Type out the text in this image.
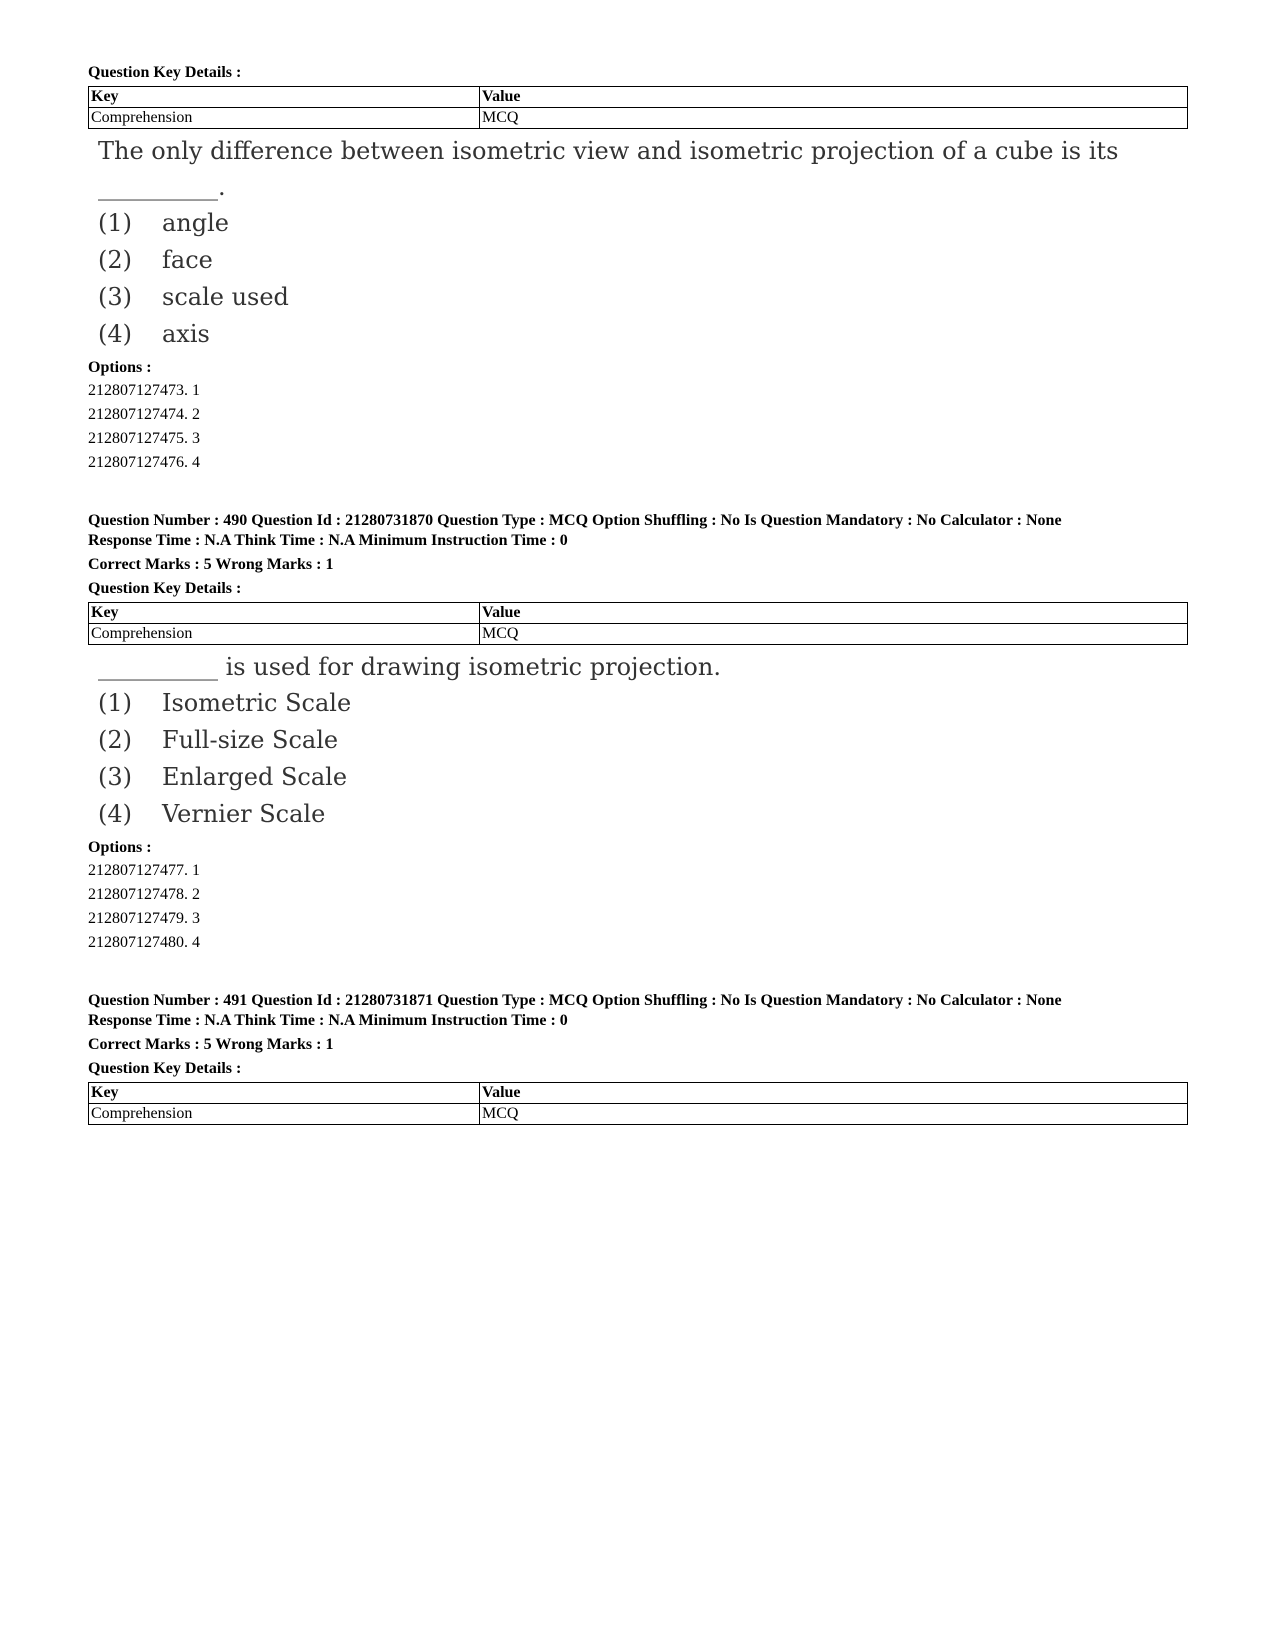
Question Key Details :
Key	Value
Comprehension	MCQ
The only difference between isometric view and isometric projection of a cube is its __________.
(1) angle
(2) face
(3) scale used
(4) axis
Options :
212807127473. 1
212807127474. 2
212807127475. 3
212807127476. 4
Question Number : 490 Question Id : 21280731870 Question Type : MCQ Option Shuffling : No Is Question Mandatory : No Calculator : None
Response Time : N.A Think Time : N.A Minimum Instruction Time : 0
Correct Marks : 5 Wrong Marks : 1
Question Key Details :
Key	Value
Comprehension	MCQ
__________ is used for drawing isometric projection.
(1) Isometric Scale
(2) Full-size Scale
(3) Enlarged Scale
(4) Vernier Scale
Options :
212807127477. 1
212807127478. 2
212807127479. 3
212807127480. 4
Question Number : 491 Question Id : 21280731871 Question Type : MCQ Option Shuffling : No Is Question Mandatory : No Calculator : None
Response Time : N.A Think Time : N.A Minimum Instruction Time : 0
Correct Marks : 5 Wrong Marks : 1
Question Key Details :
Key	Value
Comprehension	MCQ
